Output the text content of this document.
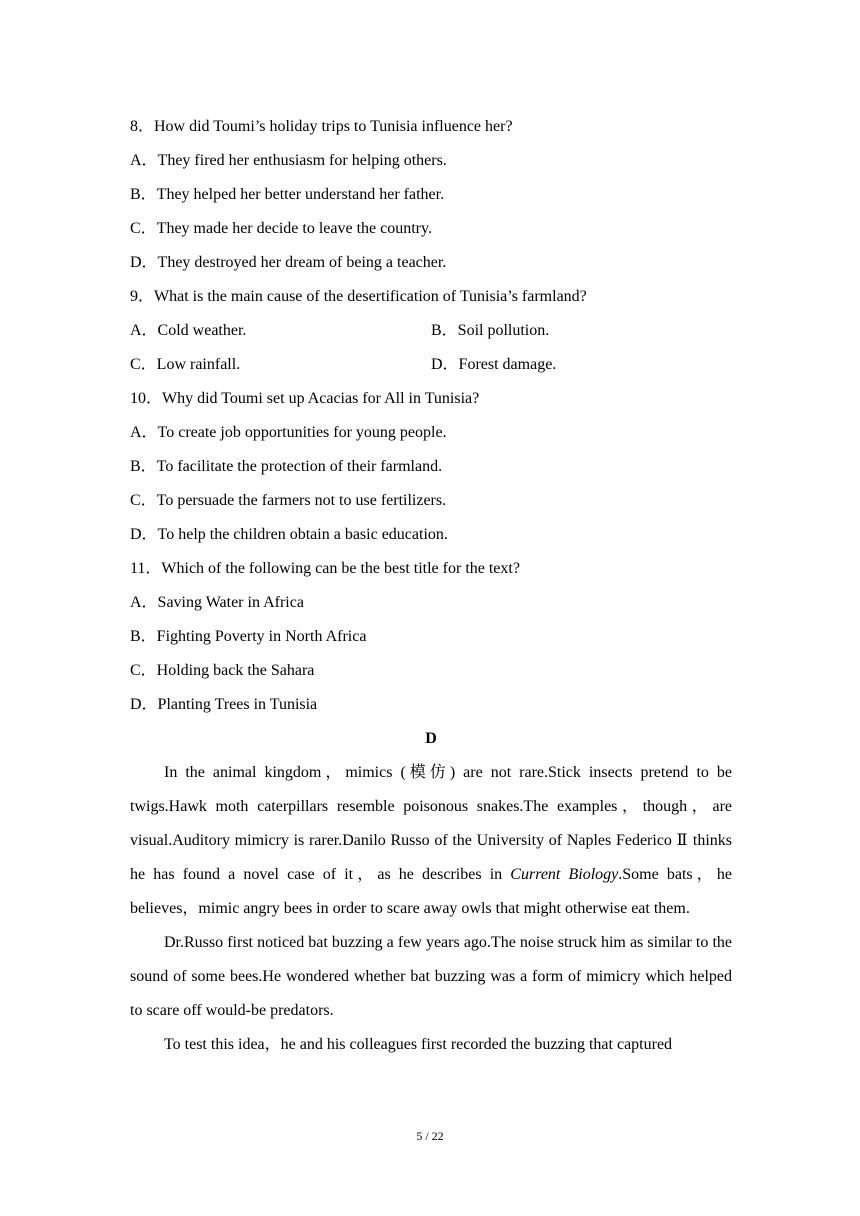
8．How did Toumi’s holiday trips to Tunisia influence her?
A．They fired her enthusiasm for helping others.
B．They helped her better understand her father.
C．They made her decide to leave the country.
D．They destroyed her dream of being a teacher.
9．What is the main cause of the desertification of Tunisia’s farmland?
A．Cold weather.	B．Soil pollution.
C．Low rainfall.	D．Forest damage.
10．Why did Toumi set up Acacias for All in Tunisia?
A．To create job opportunities for young people.
B．To facilitate the protection of their farmland.
C．To persuade the farmers not to use fertilizers.
D．To help the children obtain a basic education.
11．Which of the following can be the best title for the text?
A．Saving Water in Africa
B．Fighting Poverty in North Africa
C．Holding back the Sahara
D．Planting Trees in Tunisia
D

In the animal kingdom，mimics (模仿) are not rare.Stick insects pretend to be twigs.Hawk moth caterpillars resemble poisonous snakes.The examples，though，are visual.Auditory mimicry is rarer.Danilo Russo of the University of Naples Federico Ⅱ thinks he has found a novel case of it，as he describes in Current Biology.Some bats，he believes，mimic angry bees in order to scare away owls that might otherwise eat them.

Dr.Russo first noticed bat buzzing a few years ago.The noise struck him as similar to the sound of some bees.He wondered whether bat buzzing was a form of mimicry which helped to scare off would-be predators.

To test this idea，he and his colleagues first recorded the buzzing that captured

5 / 22
